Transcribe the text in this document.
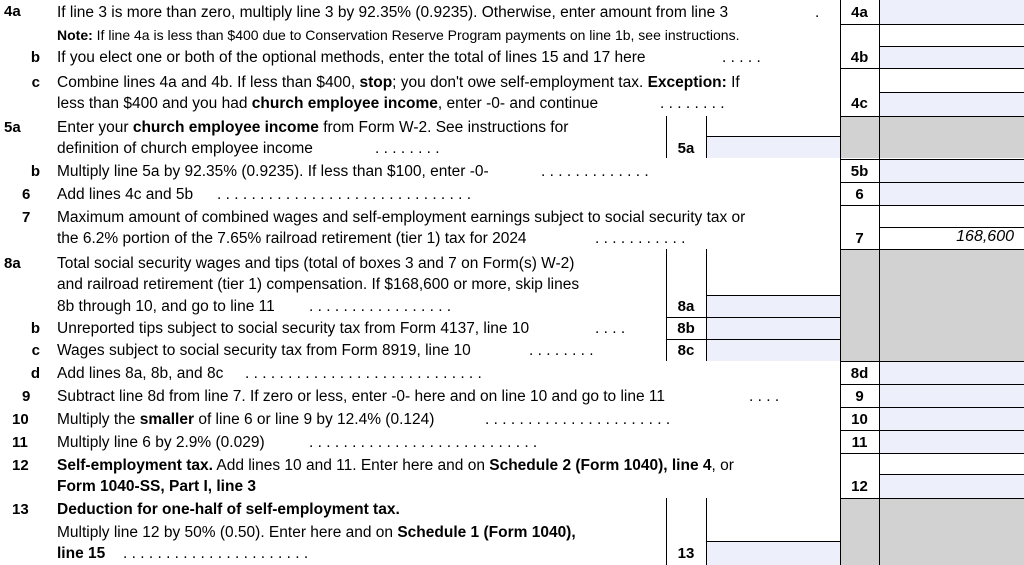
4a	If line 3 is more than zero, multiply line 3 by 92.35% (0.9235). Otherwise, enter amount from line 3	.	4a
Note: If line 4a is less than $400 due to Conservation Reserve Program payments on line 1b, see instructions.
b If you elect one or both of the optional methods, enter the total of lines 15 and 17 here	. . . . .	4b
c Combine lines 4a and 4b. If less than $400, stop; you don't owe self-employment tax. Exception: If
less than $400 and you had church employee income, enter -0- and continue	. . . . . . . .	4c
5a	Enter your church employee income from Form W-2. See instructions for
definition of church employee income	. . . . . . . .	5a
b Multiply line 5a by 92.35% (0.9235). If less than $100, enter -0-	. . . . . . . . . . . . .	5b
6	Add lines 4c and 5b . . . . . . . . . . . . . . . . . . . . . . . . . . . . . .	6
7	Maximum amount of combined wages and self-employment earnings subject to social security tax or
the 6.2% portion of the 7.65% railroad retirement (tier 1) tax for 2024	. . . . . . . . . . .	7	168,600
8a	Total social security wages and tips (total of boxes 3 and 7 on Form(s) W-2)
and railroad retirement (tier 1) compensation. If $168,600 or more, skip lines
8b through 10, and go to line 11 . . . . . . . . . . . . . . . . .	8a
b Unreported tips subject to social security tax from Form 4137, line 10	. . . .	8b
c Wages subject to social security tax from Form 8919, line 10	. . . . . . . .	8c
d Add lines 8a, 8b, and 8c . . . . . . . . . . . . . . . . . . . . . . . . . . . .	8d
9	Subtract line 8d from line 7. If zero or less, enter -0- here and on line 10 and go to line 11	. . . .	9
10	Multiply the smaller of line 6 or line 9 by 12.4% (0.124)	. . . . . . . . . . . . . . . . . . . . . .	10
11	Multiply line 6 by 2.9% (0.029)	. . . . . . . . . . . . . . . . . . . . . . . . . . .	11
12	Self-employment tax. Add lines 10 and 11. Enter here and on Schedule 2 (Form 1040), line 4, or
Form 1040-SS, Part I, line 3	12
13	Deduction for one-half of self-employment tax.
Multiply line 12 by 50% (0.50). Enter here and on Schedule 1 (Form 1040),
line 15 . . . . . . . . . . . . . . . . . . . . . .	13
